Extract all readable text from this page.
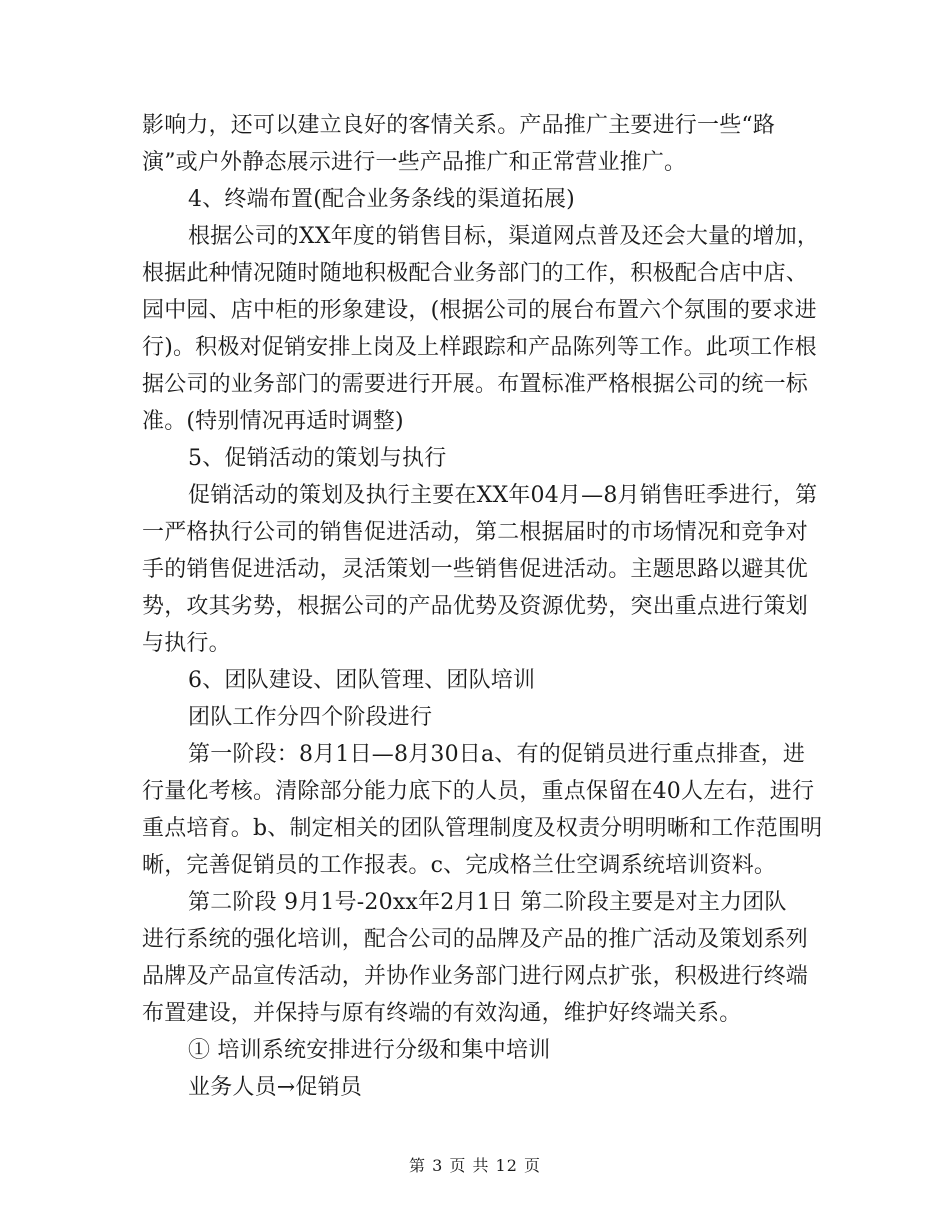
影响力，还可以建立良好的客情关系。产品推广主要进行一些“路
演”或户外静态展示进行一些产品推广和正常营业推广。
4、终端布置(配合业务条线的渠道拓展)
根据公司的XX年度的销售目标，渠道网点普及还会大量的增加，
根据此种情况随时随地积极配合业务部门的工作，积极配合店中店、
园中园、店中柜的形象建设，(根据公司的展台布置六个氛围的要求进
行)。积极对促销安排上岗及上样跟踪和产品陈列等工作。此项工作根
据公司的业务部门的需要进行开展。布置标准严格根据公司的统一标
准。(特别情况再适时调整)
5、促销活动的策划与执行
促销活动的策划及执行主要在XX年04月—8月销售旺季进行，第
一严格执行公司的销售促进活动，第二根据届时的市场情况和竞争对
手的销售促进活动，灵活策划一些销售促进活动。主题思路以避其优
势，攻其劣势，根据公司的产品优势及资源优势，突出重点进行策划
与执行。
6、团队建设、团队管理、团队培训
团队工作分四个阶段进行
第一阶段：8月1日—8月30日a、有的促销员进行重点排查，进
行量化考核。清除部分能力底下的人员，重点保留在40人左右，进行
重点培育。b、制定相关的团队管理制度及权责分明明晰和工作范围明
晰，完善促销员的工作报表。c、完成格兰仕空调系统培训资料。
第二阶段 9月1号-20xx年2月1日 第二阶段主要是对主力团队
进行系统的强化培训，配合公司的品牌及产品的推广活动及策划系列
品牌及产品宣传活动，并协作业务部门进行网点扩张，积极进行终端
布置建设，并保持与原有终端的有效沟通，维护好终端关系。
① 培训系统安排进行分级和集中培训
业务人员→促销员
第 3 页 共 12 页
